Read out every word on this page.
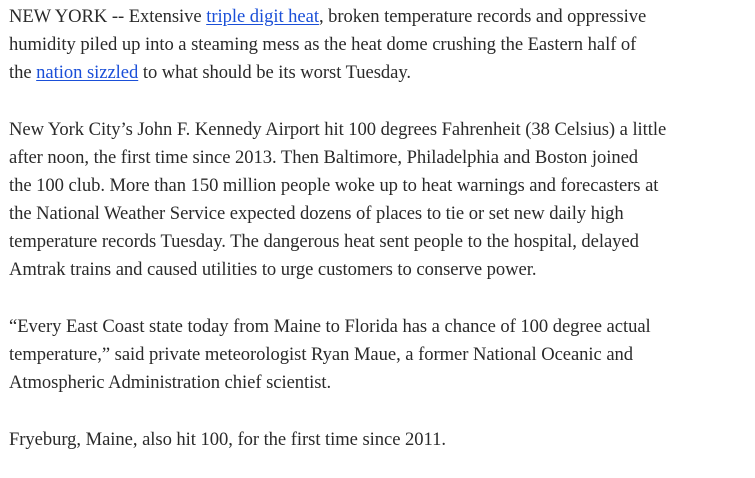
NEW YORK -- Extensive triple digit heat, broken temperature records and oppressive
humidity piled up into a steaming mess as the heat dome crushing the Eastern half of
the nation sizzled to what should be its worst Tuesday.

New York City’s John F. Kennedy Airport hit 100 degrees Fahrenheit (38 Celsius) a little
after noon, the first time since 2013. Then Baltimore, Philadelphia and Boston joined
the 100 club. More than 150 million people woke up to heat warnings and forecasters at
the National Weather Service expected dozens of places to tie or set new daily high
temperature records Tuesday. The dangerous heat sent people to the hospital, delayed
Amtrak trains and caused utilities to urge customers to conserve power.

“Every East Coast state today from Maine to Florida has a chance of 100 degree actual
temperature,” said private meteorologist Ryan Maue, a former National Oceanic and
Atmospheric Administration chief scientist.

Fryeburg, Maine, also hit 100, for the first time since 2011.
